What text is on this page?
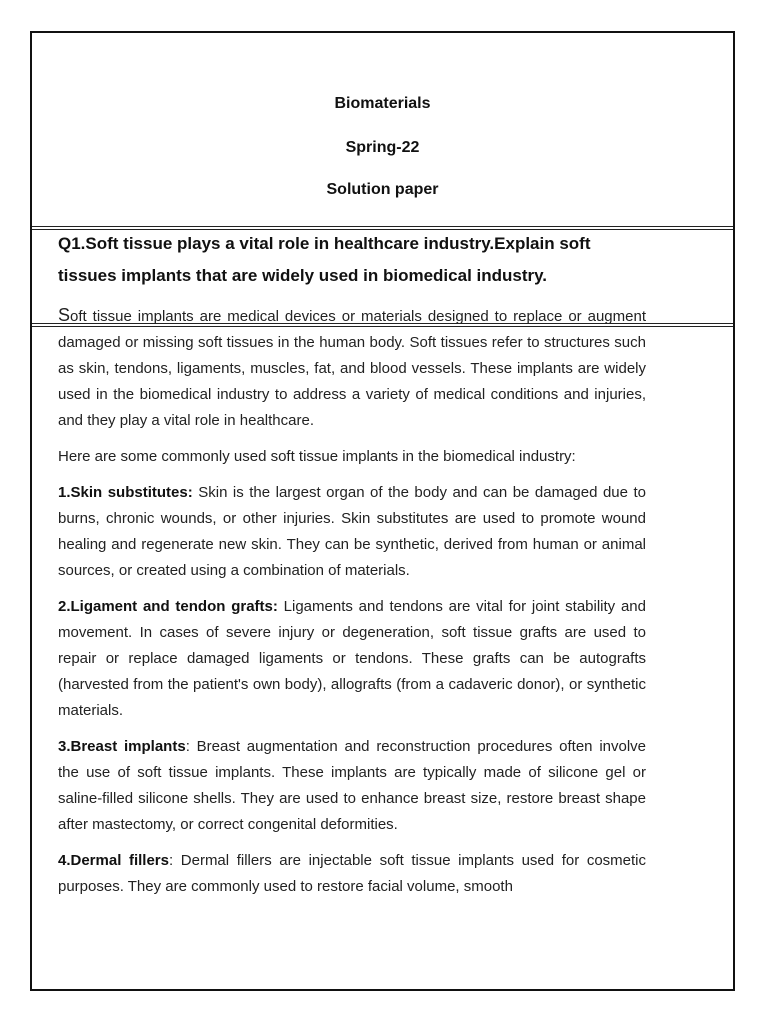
Biomaterials
Spring-22
Solution paper
Q1.Soft tissue plays a vital role in healthcare industry.Explain soft
tissues implants that are widely used in biomedical industry.

Soft tissue implants are medical devices or materials designed to replace or augment damaged or missing soft tissues in the human body. Soft tissues refer to structures such as skin, tendons, ligaments, muscles, fat, and blood vessels. These implants are widely used in the biomedical industry to address a variety of medical conditions and injuries, and they play a vital role in healthcare.

Here are some commonly used soft tissue implants in the biomedical industry:

1.Skin substitutes: Skin is the largest organ of the body and can be damaged due to burns, chronic wounds, or other injuries. Skin substitutes are used to promote wound healing and regenerate new skin. They can be synthetic, derived from human or animal sources, or created using a combination of materials.

2.Ligament and tendon grafts: Ligaments and tendons are vital for joint stability and movement. In cases of severe injury or degeneration, soft tissue grafts are used to repair or replace damaged ligaments or tendons. These grafts can be autografts (harvested from the patient's own body), allografts (from a cadaveric donor), or synthetic materials.

3.Breast implants: Breast augmentation and reconstruction procedures often involve the use of soft tissue implants. These implants are typically made of silicone gel or saline-filled silicone shells. They are used to enhance breast size, restore breast shape after mastectomy, or correct congenital deformities.

4.Dermal fillers: Dermal fillers are injectable soft tissue implants used for cosmetic purposes. They are commonly used to restore facial volume, smooth
